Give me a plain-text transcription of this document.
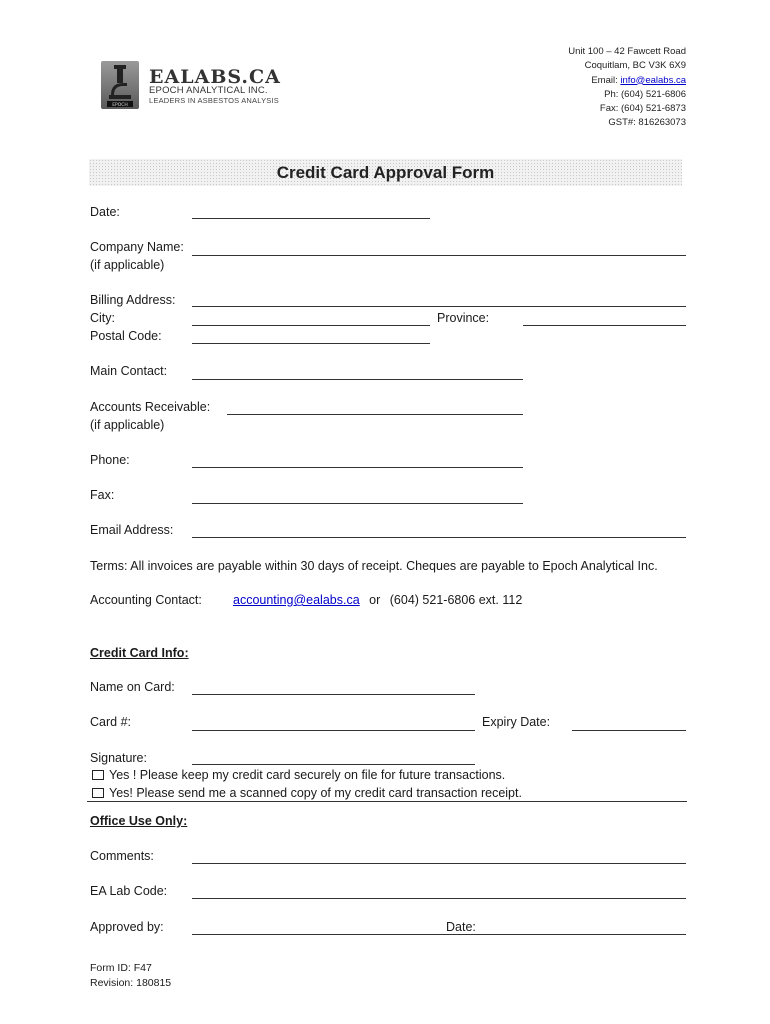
EPOCH
EALABS.CA
EPOCH ANALYTICAL INC.
LEADERS IN ASBESTOS ANALYSIS
Unit 100 – 42 Fawcett Road
Coquitlam, BC V3K 6X9
Email: info@ealabs.ca
Ph: (604) 521-6806
Fax: (604) 521-6873
GST#: 816263073
Credit Card Approval Form
Date:
Company Name:
(if applicable)
Billing Address:
City:	Province:
Postal Code:
Main Contact:
Accounts Receivable:
(if applicable)
Phone:
Fax:
Email Address:
Terms: All invoices are payable within 30 days of receipt. Cheques are payable to Epoch Analytical Inc.
Accounting Contact: accounting@ealabs.ca or (604) 521-6806 ext. 112
Credit Card Info:
Name on Card:
Card #:	Expiry Date:
Signature:
Yes ! Please keep my credit card securely on file for future transactions.
Yes! Please send me a scanned copy of my credit card transaction receipt.
Office Use Only:
Comments:
EA Lab Code:
Approved by:	Date:
Form ID: F47
Revision: 180815
